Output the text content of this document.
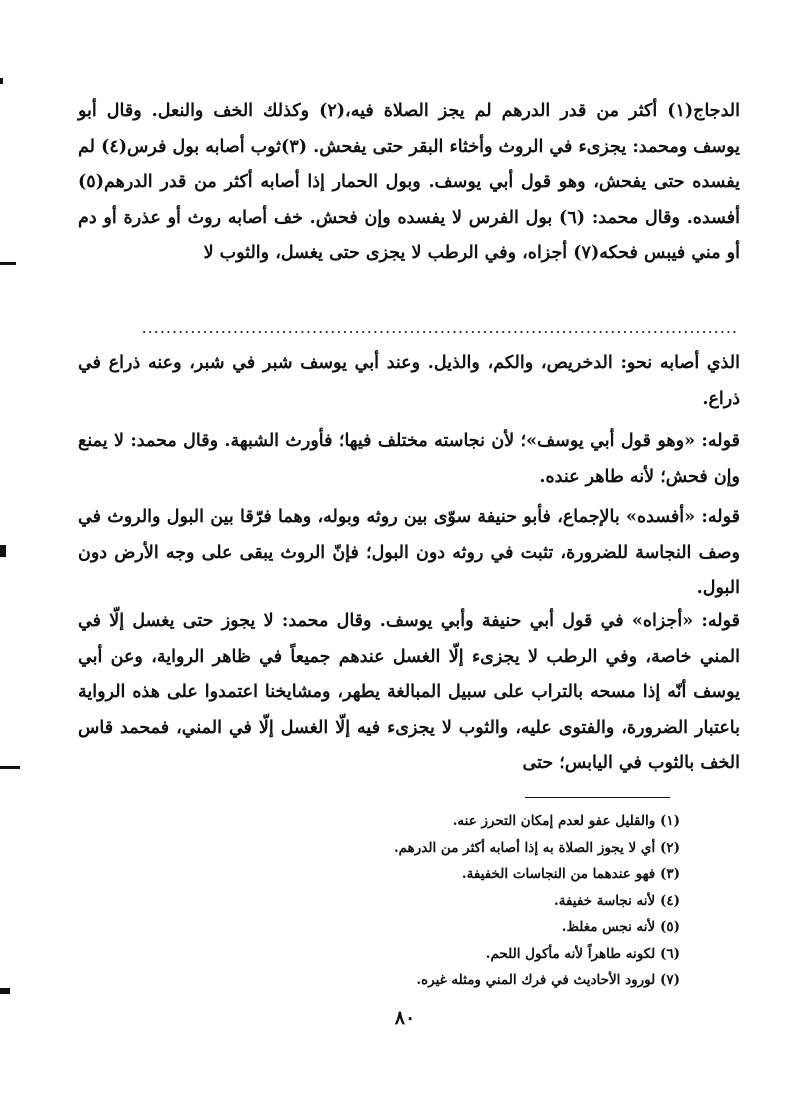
الدجاج(١) أكثر من قدر الدرهم لم يجز الصلاة فيه،(٢) وكذلك الخف والنعل. وقال أبو يوسف ومحمد: يجزىء في الروث وأخثاء البقر حتى يفحش. (٣)ثوب أصابه بول فرس(٤) لم يفسده حتى يفحش، وهو قول أبي يوسف. وبول الحمار إذا أصابه أكثر من قدر الدرهم(٥) أفسده. وقال محمد: (٦) بول الفرس لا يفسده وإن فحش. خف أصابه روث أو عذرة أو دم أو مني فيبس فحكه(٧) أجزاه، وفي الرطب لا يجزى حتى يغسل، والثوب لا
..................................................................................................
الذي أصابه نحو: الدخريص، والكم، والذيل. وعند أبي يوسف شبر في شبر، وعنه ذراع في ذراع.
قوله: «وهو قول أبي يوسف»؛ لأن نجاسته مختلف فيها؛ فأورث الشبهة. وقال محمد: لا يمنع وإن فحش؛ لأنه طاهر عنده.
قوله: «أفسده» بالإجماع، فأبو حنيفة سوّى بين روثه وبوله، وهما فرّقا بين البول والروث في وصف النجاسة للضرورة، تثبت في روثه دون البول؛ فإنّ الروث يبقى على وجه الأرض دون البول.
قوله: «أجزاه» في قول أبي حنيفة وأبي يوسف. وقال محمد: لا يجوز حتى يغسل إلّا في المني خاصة، وفي الرطب لا يجزىء إلّا الغسل عندهم جميعاً في ظاهر الرواية، وعن أبي يوسف أنّه إذا مسحه بالتراب على سبيل المبالغة يطهر، ومشايخنا اعتمدوا على هذه الرواية باعتبار الضرورة، والفتوى عليه، والثوب لا يجزىء فيه إلّا الغسل إلّا في المني، فمحمد قاس الخف بالثوب في اليابس؛ حتى
(١) والقليل عفو لعدم إمكان التحرز عنه.
(٢) أي لا يجوز الصلاة به إذا أصابه أكثر من الدرهم.
(٣) فهو عندهما من النجاسات الخفيفة.
(٤) لأنه نجاسة خفيفة.
(٥) لأنه نجس مغلظ.
(٦) لكونه طاهراً لأنه مأكول اللحم.
(٧) لورود الأحاديث في فرك المني ومثله غيره.
٨٠
